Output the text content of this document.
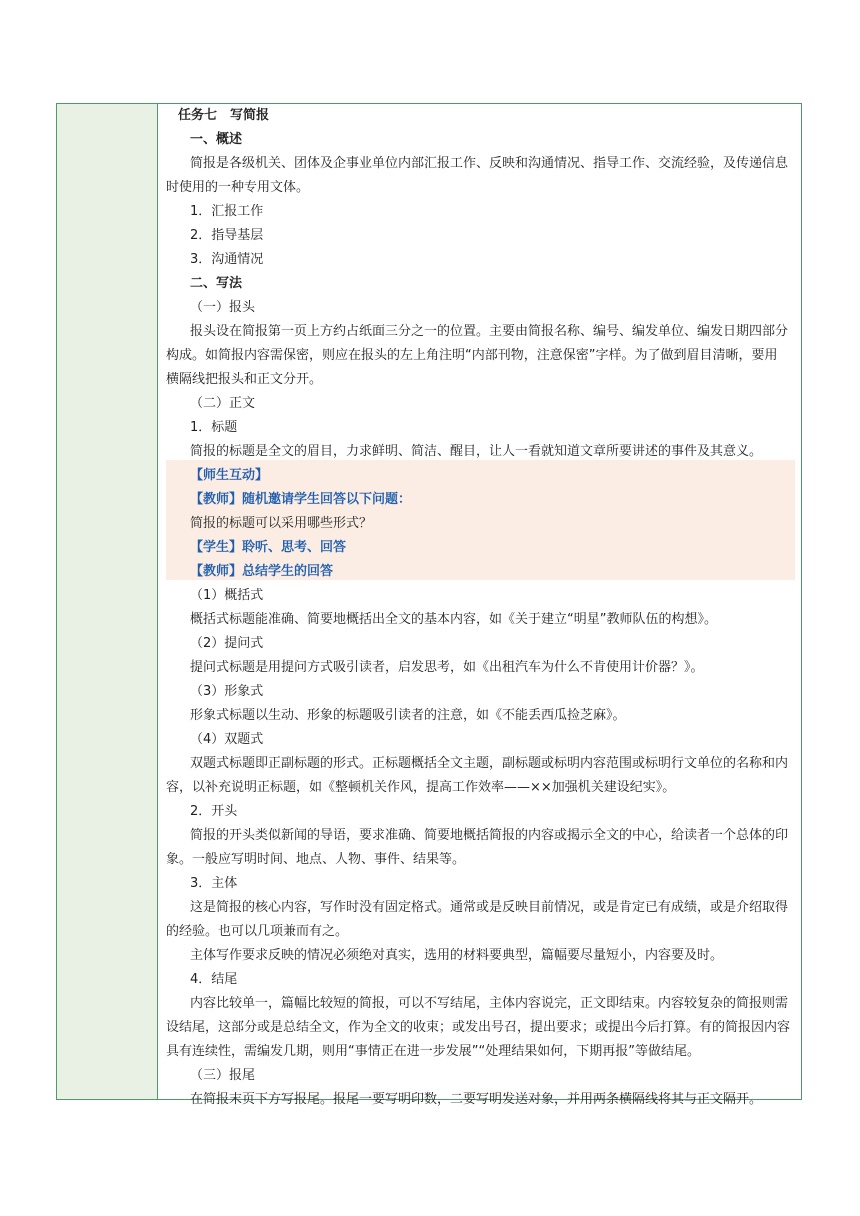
任务七　写简报
一、概述
简报是各级机关、团体及企事业单位内部汇报工作、反映和沟通情况、指导工作、交流经验，及传递信息
时使用的一种专用文体。
1．汇报工作
2．指导基层
3．沟通情况
二、写法
（一）报头
报头设在简报第一页上方约占纸面三分之一的位置。主要由简报名称、编号、编发单位、编发日期四部分
构成。如简报内容需保密，则应在报头的左上角注明“内部刊物，注意保密”字样。为了做到眉目清晰，要用
横隔线把报头和正文分开。
（二）正文
1．标题
简报的标题是全文的眉目，力求鲜明、简洁、醒目，让人一看就知道文章所要讲述的事件及其意义。
【师生互动】
【教师】随机邀请学生回答以下问题：
简报的标题可以采用哪些形式？
【学生】聆听、思考、回答
【教师】总结学生的回答
（1）概括式
概括式标题能准确、简要地概括出全文的基本内容，如《关于建立“明星”教师队伍的构想》。
（2）提问式
提问式标题是用提问方式吸引读者，启发思考，如《出租汽车为什么不肯使用计价器？》。
（3）形象式
形象式标题以生动、形象的标题吸引读者的注意，如《不能丢西瓜捡芝麻》。
（4）双题式
双题式标题即正副标题的形式。正标题概括全文主题，副标题或标明内容范围或标明行文单位的名称和内
容，以补充说明正标题，如《整顿机关作风，提高工作效率——××加强机关建设纪实》。
2．开头
简报的开头类似新闻的导语，要求准确、简要地概括简报的内容或揭示全文的中心，给读者一个总体的印
象。一般应写明时间、地点、人物、事件、结果等。
3．主体
这是简报的核心内容，写作时没有固定格式。通常或是反映目前情况，或是肯定已有成绩，或是介绍取得
的经验。也可以几项兼而有之。
主体写作要求反映的情况必须绝对真实，选用的材料要典型，篇幅要尽量短小，内容要及时。
4．结尾
内容比较单一，篇幅比较短的简报，可以不写结尾，主体内容说完，正文即结束。内容较复杂的简报则需
设结尾，这部分或是总结全文，作为全文的收束；或发出号召，提出要求；或提出今后打算。有的简报因内容
具有连续性，需编发几期，则用“事情正在进一步发展”“处理结果如何，下期再报”等做结尾。
（三）报尾
在简报末页下方写报尾。报尾一要写明印数，二要写明发送对象，并用两条横隔线将其与正文隔开。
